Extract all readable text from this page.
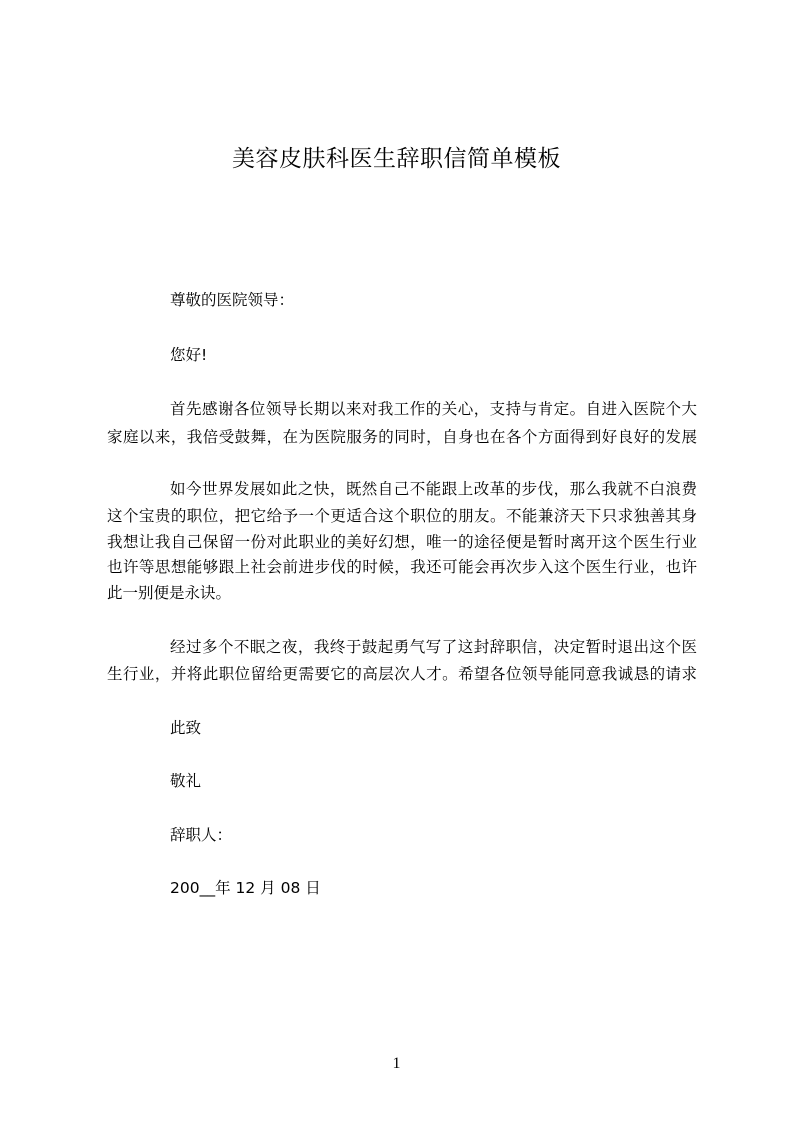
美容皮肤科医生辞职信简单模板
尊敬的医院领导：
您好!
首先感谢各位领导长期以来对我工作的关心，支持与肯定。自进入医院个大
家庭以来，我倍受鼓舞，在为医院服务的同时，自身也在各个方面得到好良好的发展
如今世界发展如此之快，既然自己不能跟上改革的步伐，那么我就不白浪费
这个宝贵的职位，把它给予一个更适合这个职位的朋友。不能兼济天下只求独善其身
我想让我自己保留一份对此职业的美好幻想，唯一的途径便是暂时离开这个医生行业
也许等思想能够跟上社会前进步伐的时候，我还可能会再次步入这个医生行业，也许
此一别便是永诀。
经过多个不眠之夜，我终于鼓起勇气写了这封辞职信，决定暂时退出这个医
生行业，并将此职位留给更需要它的高层次人才。希望各位领导能同意我诚恳的请求
此致
敬礼
辞职人：
200__年 12 月 08 日
1
